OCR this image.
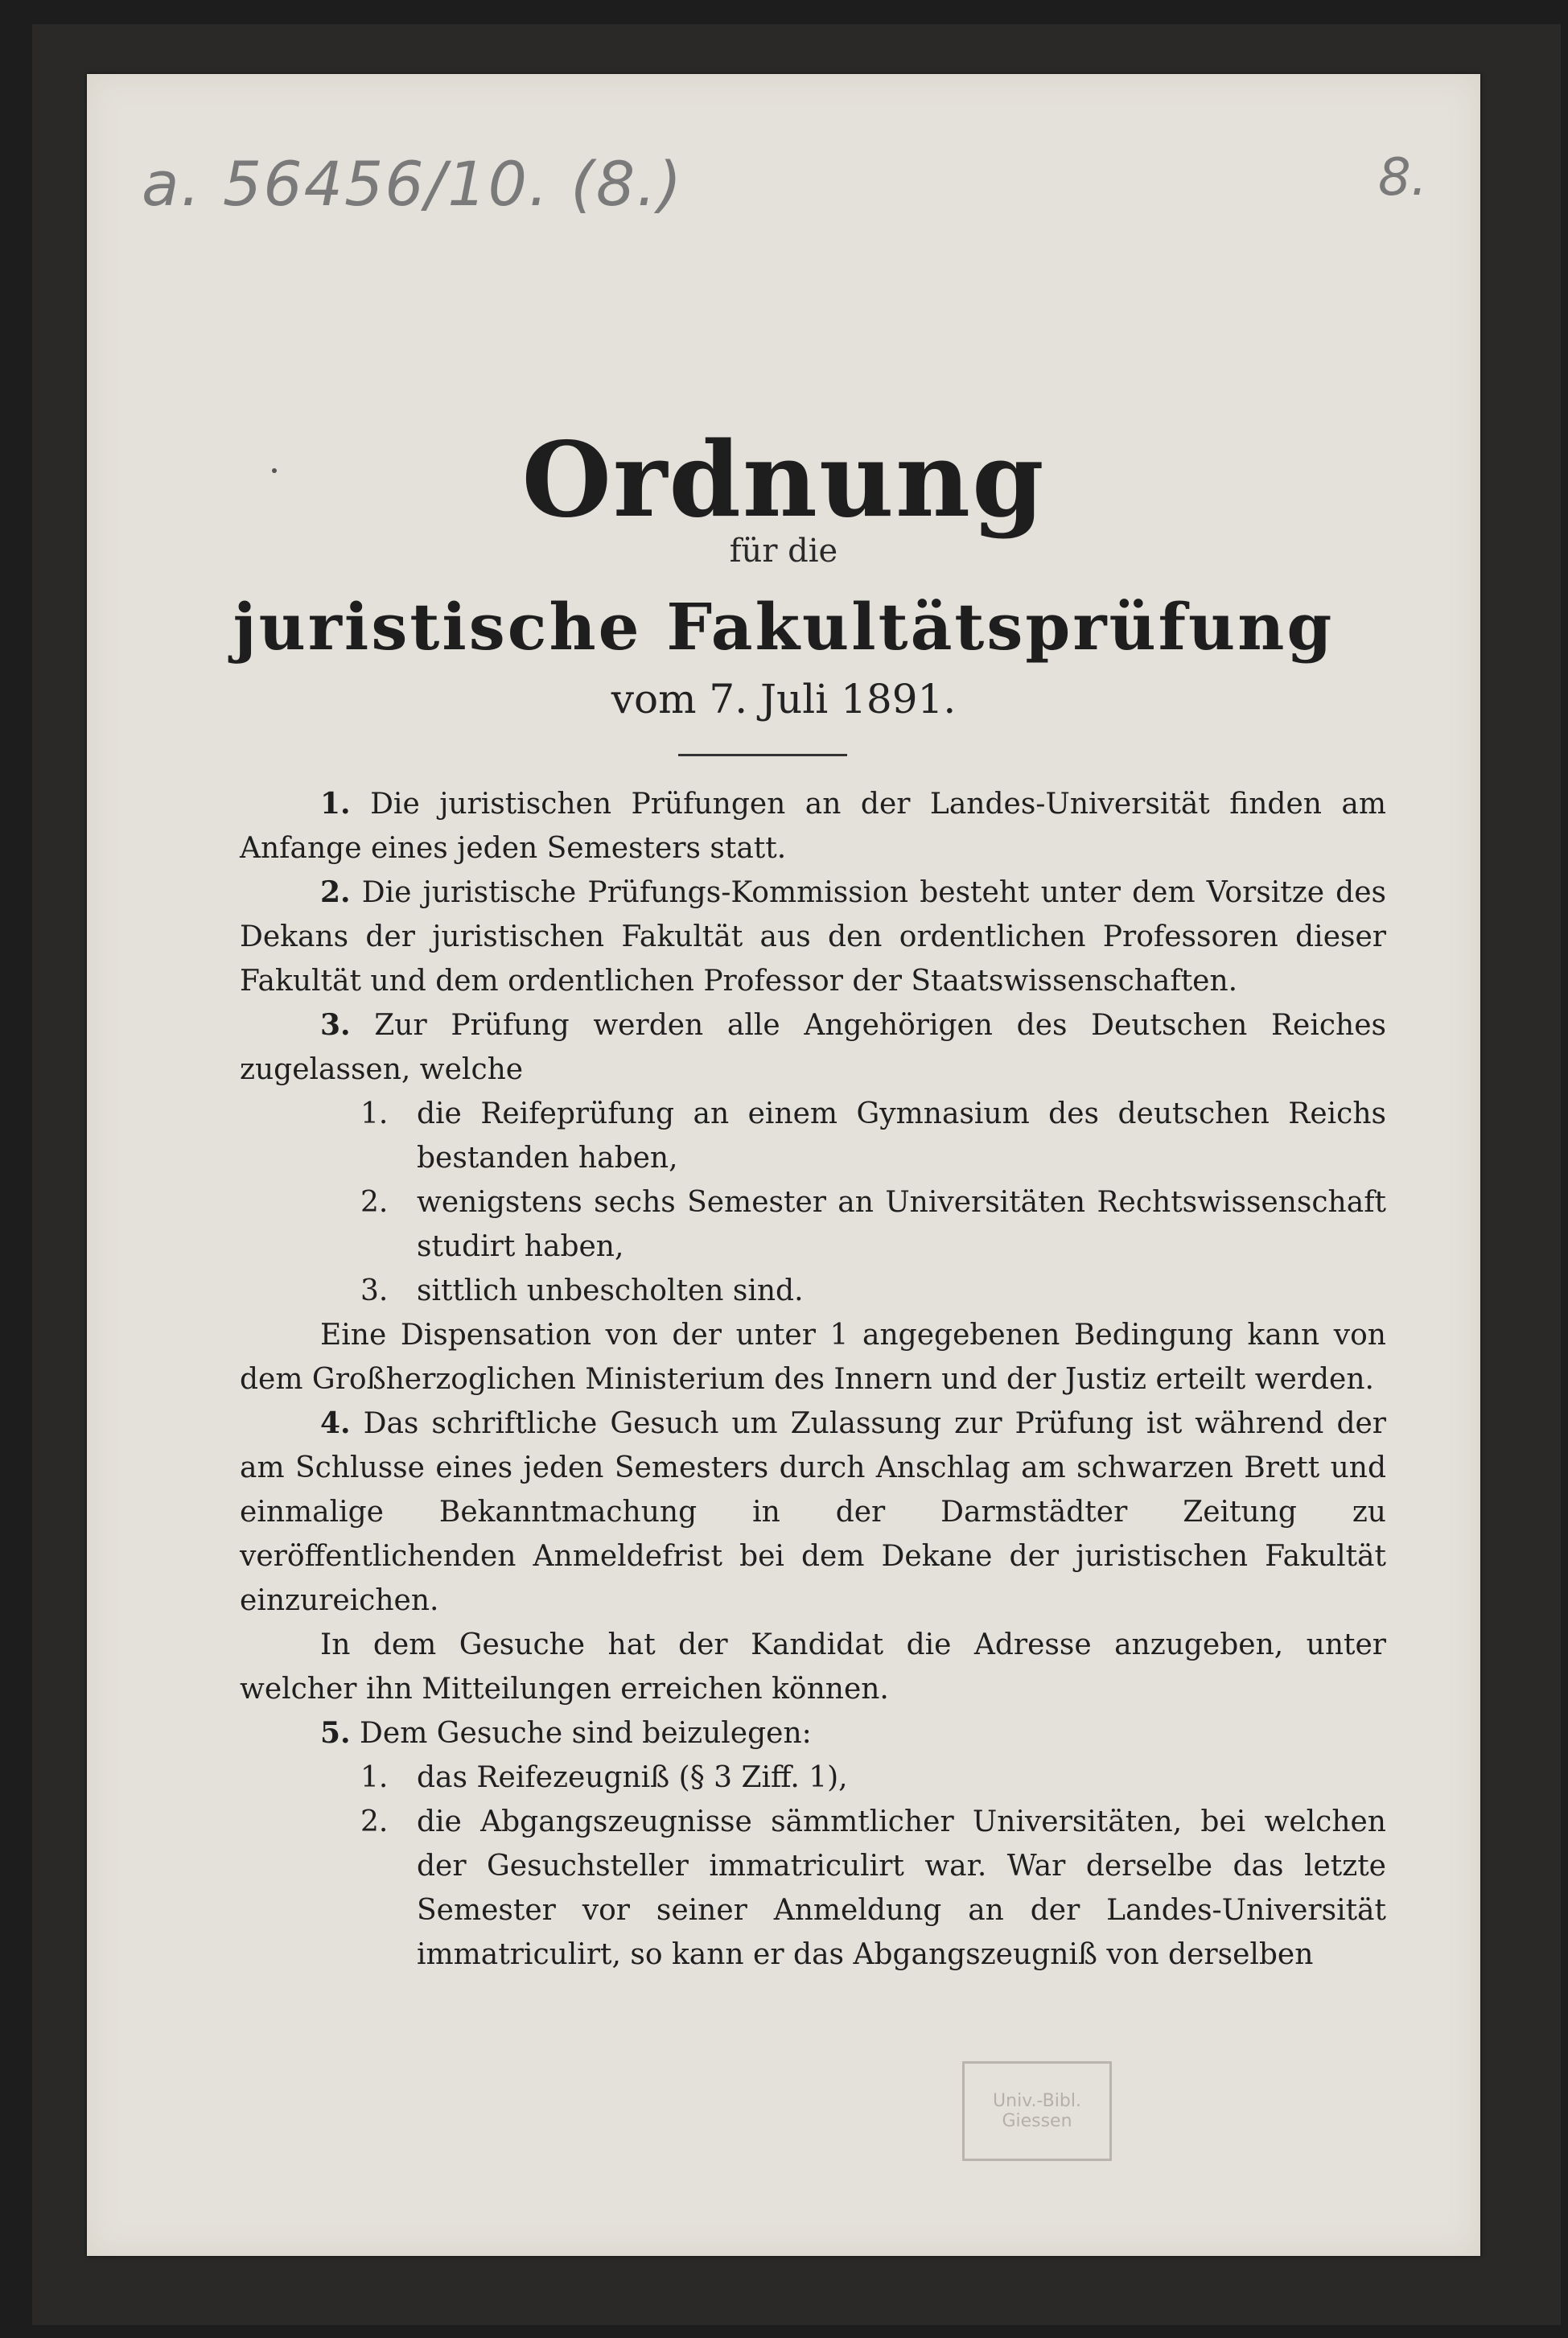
a. 56456/10. (8.)	8.
Ordnung
für die
juristische Fakultätsprüfung
vom 7. Juli 1891.

1. Die juristischen Prüfungen an der Landes-Universität finden am Anfange eines jeden Semesters statt.

2. Die juristische Prüfungs-Kommission besteht unter dem Vorsitze des Dekans der juristischen Fakultät aus den ordentlichen Professoren dieser Fakultät und dem ordentlichen Professor der Staatswissenschaften.

3. Zur Prüfung werden alle Angehörigen des Deutschen Reiches zugelassen, welche

1. die Reifeprüfung an einem Gymnasium des deutschen Reichs bestanden haben,
2. wenigstens sechs Semester an Universitäten Rechtswissenschaft studirt haben,
3. sittlich unbescholten sind.

Eine Dispensation von der unter 1 angegebenen Bedingung kann von dem Großherzoglichen Ministerium des Innern und der Justiz erteilt werden.

4. Das schriftliche Gesuch um Zulassung zur Prüfung ist während der am Schlusse eines jeden Semesters durch Anschlag am schwarzen Brett und einmalige Bekanntmachung in der Darmstädter Zeitung zu veröffentlichenden Anmeldefrist bei dem Dekane der juristischen Fakultät einzureichen.

In dem Gesuche hat der Kandidat die Adresse anzugeben, unter welcher ihn Mitteilungen erreichen können.

5. Dem Gesuche sind beizulegen:

1. das Reifezeugniß (§ 3 Ziff. 1),
2. die Abgangszeugnisse sämmtlicher Universitäten, bei welchen der Gesuchsteller immatriculirt war. War derselbe das letzte Semester vor seiner Anmeldung an der Landes-Universität immatriculirt, so kann er das Abgangszeugniß von derselben
Univ.-Bibl.
Giessen
